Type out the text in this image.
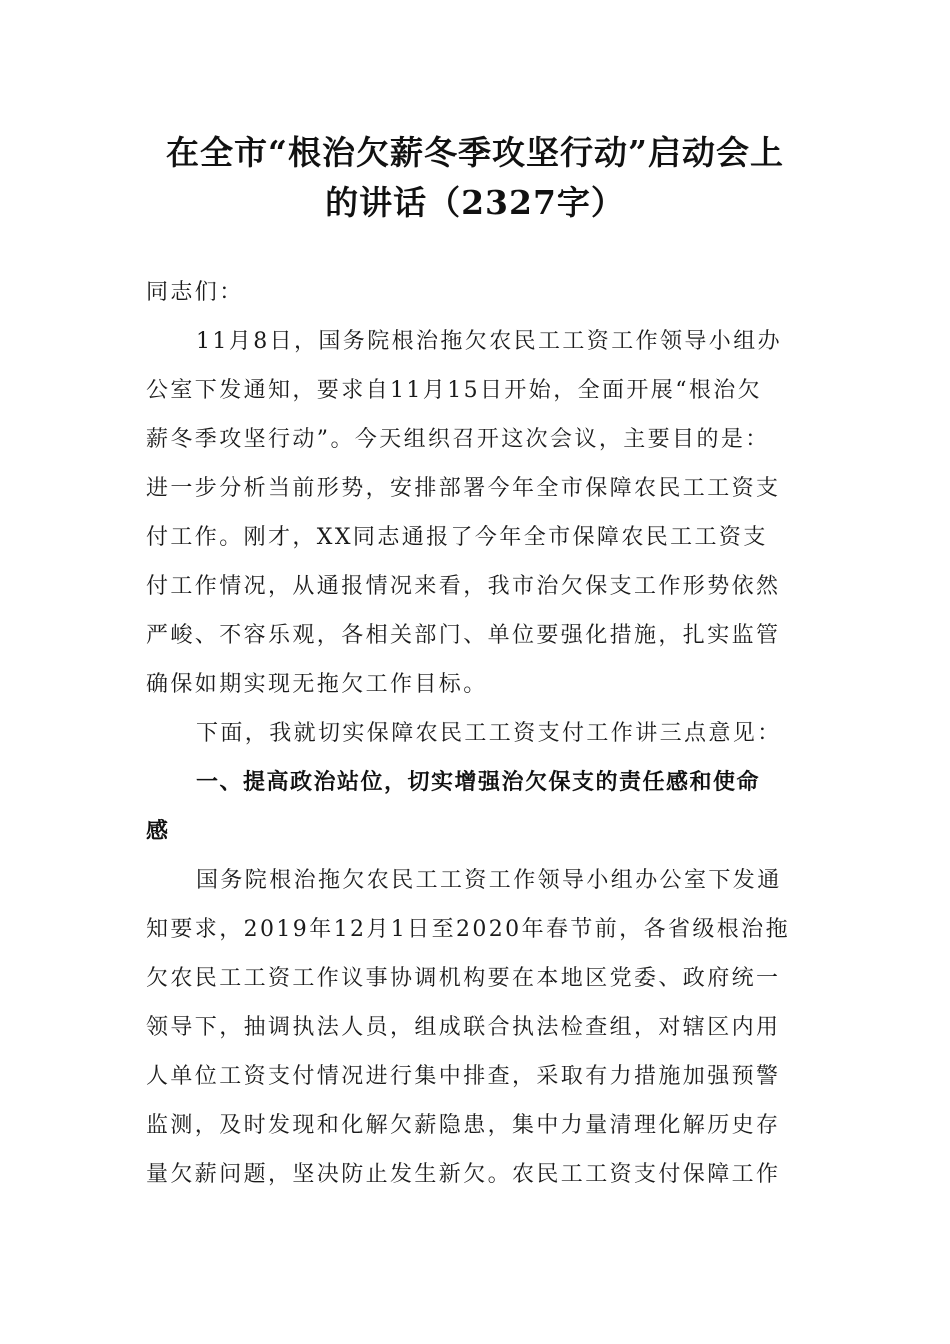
在全市“根治欠薪冬季攻坚行动”启动会上
的讲话（2327字）
同志们：
11月8日，国务院根治拖欠农民工工资工作领导小组办
公室下发通知，要求自11月15日开始，全面开展“根治欠
薪冬季攻坚行动”。今天组织召开这次会议，主要目的是：
进一步分析当前形势，安排部署今年全市保障农民工工资支
付工作。刚才，XX同志通报了今年全市保障农民工工资支
付工作情况，从通报情况来看，我市治欠保支工作形势依然
严峻、不容乐观，各相关部门、单位要强化措施，扎实监管
确保如期实现无拖欠工作目标。
下面，我就切实保障农民工工资支付工作讲三点意见：
一、提高政治站位，切实增强治欠保支的责任感和使命
感
国务院根治拖欠农民工工资工作领导小组办公室下发通
知要求，2019年12月1日至2020年春节前，各省级根治拖
欠农民工工资工作议事协调机构要在本地区党委、政府统一
领导下，抽调执法人员，组成联合执法检查组，对辖区内用
人单位工资支付情况进行集中排查，采取有力措施加强预警
监测，及时发现和化解欠薪隐患，集中力量清理化解历史存
量欠薪问题，坚决防止发生新欠。农民工工资支付保障工作
